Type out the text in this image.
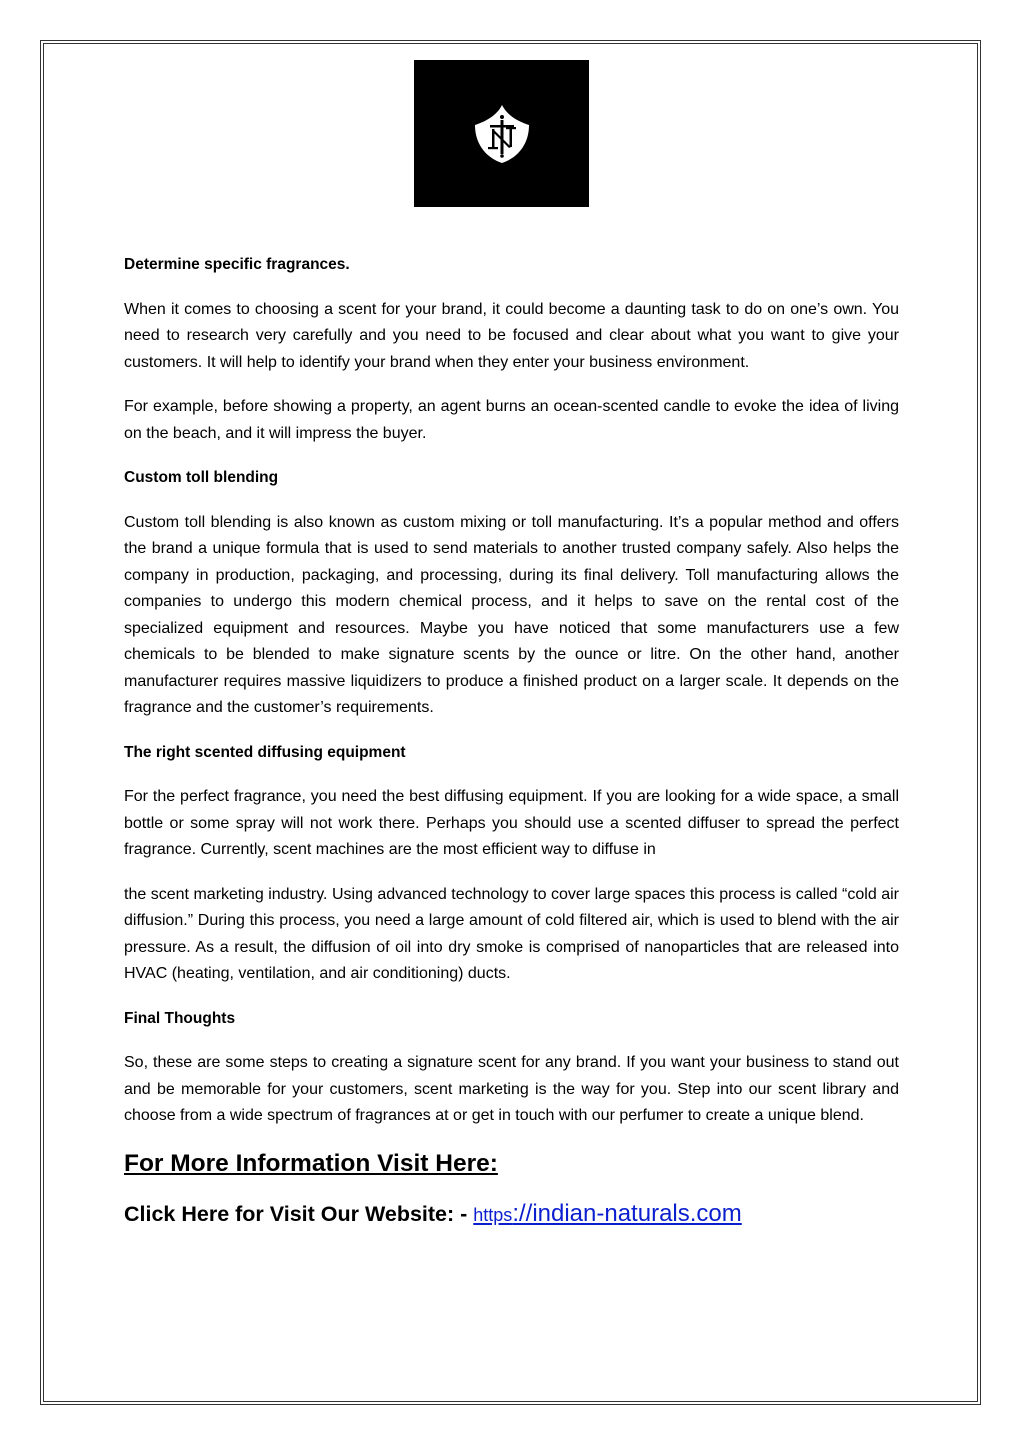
Determine specific fragrances.

When it comes to choosing a scent for your brand, it could become a daunting task to do on one’s own. You need to research very carefully and you need to be focused and clear about what you want to give your customers. It will help to identify your brand when they enter your business environment.

For example, before showing a property, an agent burns an ocean-scented candle to evoke the idea of living on the beach, and it will impress the buyer.

Custom toll blending

Custom toll blending is also known as custom mixing or toll manufacturing. It’s a popular method and offers the brand a unique formula that is used to send materials to another trusted company safely. Also helps the company in production, packaging, and processing, during its final delivery. Toll manufacturing allows the companies to undergo this modern chemical process, and it helps to save on the rental cost of the specialized equipment and resources. Maybe you have noticed that some manufacturers use a few chemicals to be blended to make signature scents by the ounce or litre. On the other hand, another manufacturer requires massive liquidizers to produce a finished product on a larger scale. It depends on the fragrance and the customer’s requirements.

The right scented diffusing equipment

For the perfect fragrance, you need the best diffusing equipment. If you are looking for a wide space, a small bottle or some spray will not work there. Perhaps you should use a scented diffuser to spread the perfect fragrance. Currently, scent machines are the most efficient way to diffuse in

the scent marketing industry. Using advanced technology to cover large spaces this process is called “cold air diffusion.” During this process, you need a large amount of cold filtered air, which is used to blend with the air pressure. As a result, the diffusion of oil into dry smoke is comprised of nanoparticles that are released into HVAC (heating, ventilation, and air conditioning) ducts.

Final Thoughts

So, these are some steps to creating a signature scent for any brand. If you want your business to stand out and be memorable for your customers, scent marketing is the way for you. Step into our scent library and choose from a wide spectrum of fragrances at or get in touch with our perfumer to create a unique blend.

For More Information Visit Here:

Click Here for Visit Our Website: - https://indian-naturals.com
